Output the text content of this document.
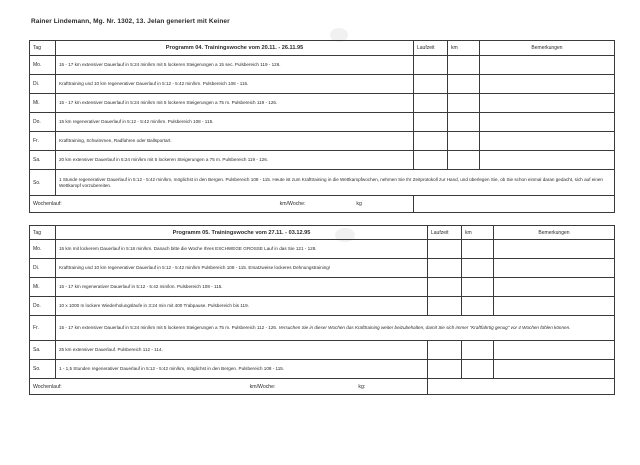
Rainer Lindemann, Mg. Nr. 1302, 13. Jelan generiert mit Keiner
Tag	Programm 04. Trainingswoche vom 20.11. - 26.11.95	Laufzeit	km	Bemerkungen
Mo.	15 - 17 km extensiver Dauerlauf in 5:24 min/km mit 5 lockeren Steigerungen a 15 sec. Pulsbereich 119 - 126.			
Di.	Krafttraining und 10 km regenerativer Dauerlauf in 5:12 - 5:42 min/km. Pulsbereich 108 - 115.			
Mi.	15 - 17 km extensiver Dauerlauf in 5:24 min/km mit 5 lockeren Steigerungen a 75 m. Pulsbereich 119 - 126.			
Do.	15 km regenerativer Dauerlauf in 5:12 - 5:42 min/km. Pulsbereich 108 - 115.			
Fr.	Krafttraining, Schwimmen, Radfahren oder Ballsportart.			
Sa.	20 km extensiver Dauerlauf in 5:24 min/km mit 5 lockeren Steigerungen a 75 m. Pulsbereich 119 - 126.			
So.	1 Stunde regenerativer Dauerlauf in 5:12 - 5:42 min/km, möglichst in den Bergen. Pulsbereich 108 - 115. Heute ist zum Krafttraining in die Wettkampfwochen, nehmen Sie Ihr Zeitprotokoll zur Hand, und überlegen Sie, ob Sie schon einmal daran gedacht, sich auf einen Wettkampf vorzubereiten.			
Wochenlauf: km/Woche: kg				
Tag	Programm 05. Trainingswoche vom 27.11. - 03.12.95	Laufzeit	km	Bemerkungen
Mo.	15 km mit lockerem Dauerlauf in 5:18 min/km. Danach bitte die Woche Ihres ESCHWEGE GROSSE Lauf in das Sie 121 - 128.			
Di.	Krafttraining und 10 km regenerativer Dauerlauf in 5:12 - 5:42 min/km Pulsbereich 108 - 115. Ersatzweise lockeres Dehnungstraining!			
Mi.	15 - 17 km regenerativer Dauerlauf in 5:12 - 5:42 min/km. Pulsbereich 108 - 115.			
Do.	10 x 1000 m lockere Wiederholungsläufe in 3:24 min mit 400 Trabpause. Pulsbereich bis 119.			
Fr.	15 - 17 km extensiver Dauerlauf in 5:24 min/km mit 5 lockeren Steigerungen a 75 m. Pulsbereich 112 - 126. Versuchen Sie in dieser Wochen das Krafttraining weiter beizubehalten, damit Sie sich immer "Kraftfahrtig genug" vor 4 Wochen fühlen können.			
Sa.	25 km extensiver Dauerlauf. Pulsbereich 112 - 114.			
So.	1 - 1,5 Stunden regenerativer Dauerlauf in 5:12 - 5:42 min/km, möglichst in den Bergen. Pulsbereich 108 - 115.			
Wochenlauf: km/Woche: kg:				
